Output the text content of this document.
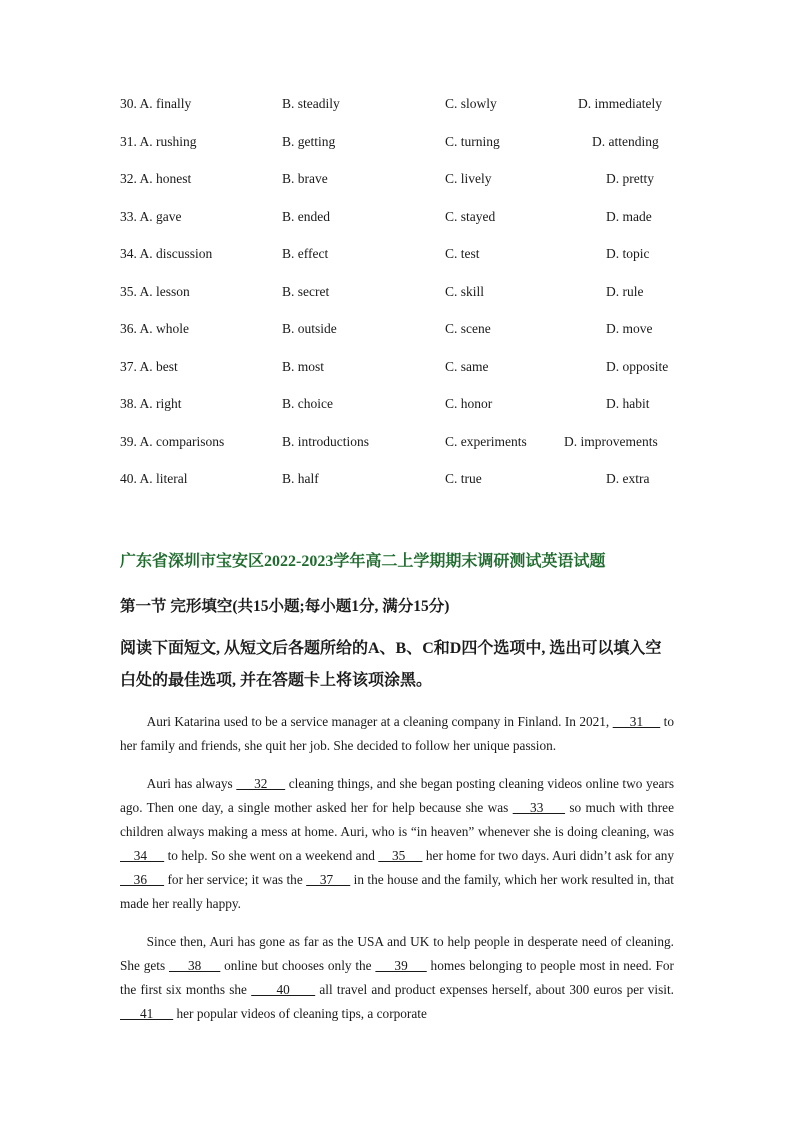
30. A. finally	B. steadily	C. slowly	D. immediately
31. A. rushing	B. getting	C. turning	D. attending
32. A. honest	B. brave	C. lively	D. pretty
33. A. gave	B. ended	C. stayed	D. made
34. A. discussion	B. effect	C. test	D. topic
35. A. lesson	B. secret	C. skill	D. rule
36. A. whole	B. outside	C. scene	D. move
37. A. best	B. most	C. same	D. opposite
38. A. right	B. choice	C. honor	D. habit
39. A. comparisons	B. introductions	C. experiments	D. improvements
40. A. literal	B. half	C. true	D. extra
广东省深圳市宝安区2022-2023学年高二上学期期末调研测试英语试题
第一节 完形填空(共15小题;每小题1分, 满分15分)
阅读下面短文, 从短文后各题所给的A、B、C和D四个选项中, 选出可以填入空白处的最佳选项, 并在答题卡上将该项涂黑。

Auri Katarina used to be a service manager at a cleaning company in Finland. In 2021,      31      to her family and friends, she quit her job. She decided to follow her unique passion.

Auri has always      32      cleaning things, and she began posting cleaning videos online two years ago. Then one day, a single mother asked her for help because she was     33      so much with three children always making a mess at home. Auri, who is “in heaven” whenever she is doing cleaning, was     34      to help. So she went on a weekend and     35      her home for two days. Auri didn’t ask for any     36      for her service; it was the     37      in the house and the family, which her work resulted in, that made her really happy.

Since then, Auri has gone as far as the USA and UK to help people in desperate need of cleaning. She gets      38      online but chooses only the      39      homes belonging to people most in need. For the first six months she       40       all travel and product expenses herself, about 300 euros per visit.       41       her popular videos of cleaning tips, a corporate
